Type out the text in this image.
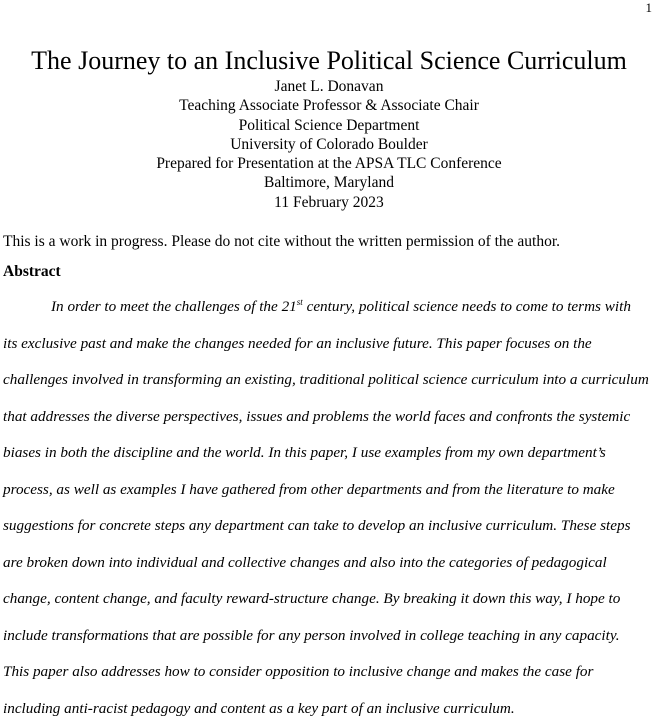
1
The Journey to an Inclusive Political Science Curriculum
Janet L. Donavan
Teaching Associate Professor & Associate Chair
Political Science Department
University of Colorado Boulder
Prepared for Presentation at the APSA TLC Conference
Baltimore, Maryland
11 February 2023
This is a work in progress. Please do not cite without the written permission of the author.
Abstract
In order to meet the challenges of the 21st century, political science needs to come to terms with
its exclusive past and make the changes needed for an inclusive future. This paper focuses on the
challenges involved in transforming an existing, traditional political science curriculum into a curriculum
that addresses the diverse perspectives, issues and problems the world faces and confronts the systemic
biases in both the discipline and the world. In this paper, I use examples from my own department’s
process, as well as examples I have gathered from other departments and from the literature to make
suggestions for concrete steps any department can take to develop an inclusive curriculum. These steps
are broken down into individual and collective changes and also into the categories of pedagogical
change, content change, and faculty reward-structure change. By breaking it down this way, I hope to
include transformations that are possible for any person involved in college teaching in any capacity.
This paper also addresses how to consider opposition to inclusive change and makes the case for
including anti-racist pedagogy and content as a key part of an inclusive curriculum.
